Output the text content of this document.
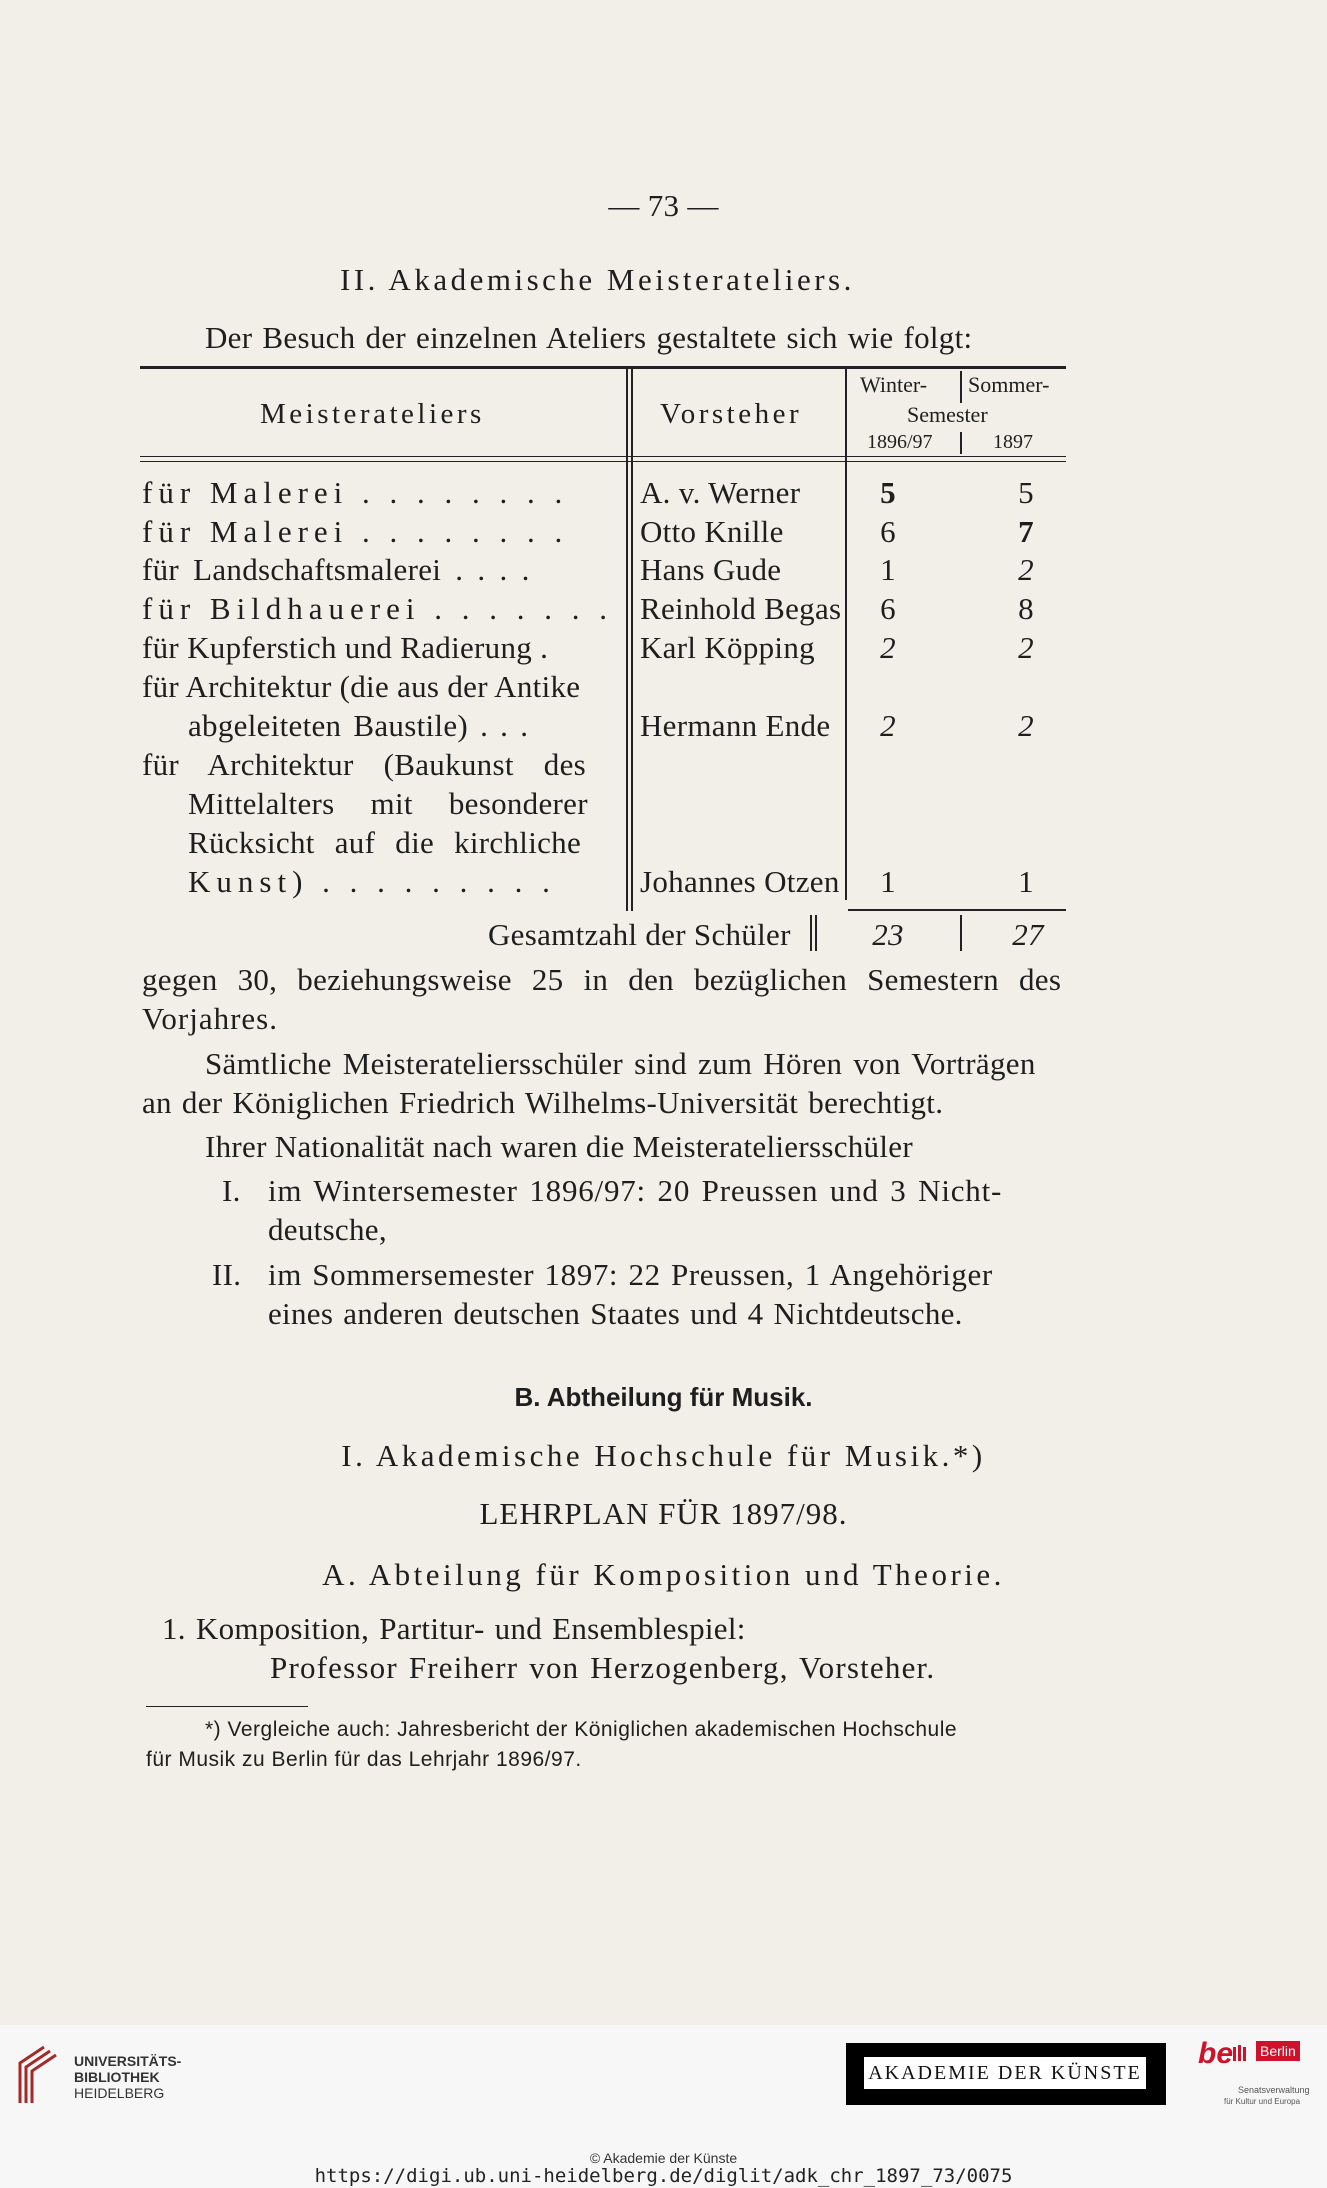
— 73 —
II. Akademische Meisterateliers.
Der Besuch der einzelnen Ateliers gestaltete sich wie folgt:
Meisterateliers	Vorsteher
Winter- Sommer-
Semester
1896/97	1897
für Malerei . . . . . . . . A. v. Werner	5	5
für Malerei . . . . . . . . Otto Knille	6	7
für Landschaftsmalerei . . . .	Hans Gude	1	2
für Bildhauerei . . . . . . . Reinhold Begas	6	8
für Kupferstich und Radierung .	Karl Köpping	2	2
für Architektur (die aus der Antike
abgeleiteten Baustile) . . .	Hermann Ende	2	2
für Architektur (Baukunst des
Mittelalters mit besonderer
Rücksicht auf die kirchliche
Kunst) . . . . . . . . .	Johannes Otzen	1	1
Gesamtzahl der Schüler	23	27
gegen 30, beziehungsweise 25 in den bezüglichen Semestern des
Vorjahres.
Sämtliche Meisterateliersschüler sind zum Hören von Vorträgen
an der Königlichen Friedrich Wilhelms-Universität berechtigt.
Ihrer Nationalität nach waren die Meisterateliersschüler
I. im Wintersemester 1896/97: 20 Preussen und 3 Nicht-
deutsche,
II. im Sommersemester 1897: 22 Preussen, 1 Angehöriger
eines anderen deutschen Staates und 4 Nichtdeutsche.
B. Abtheilung für Musik.
I. Akademische Hochschule für Musik.*)
LEHRPLAN FÜR 1897/98.
A. Abteilung für Komposition und Theorie.
1. Komposition, Partitur- und Ensemblespiel:
Professor Freiherr von Herzogenberg, Vorsteher.
*) Vergleiche auch: Jahresbericht der Königlichen akademischen Hochschule
für Musik zu Berlin für das Lehrjahr 1896/97.
UNIVERSITÄTS-
BIBLIOTHEK
HEIDELBERG
AKADEMIE DER KÜNSTE
be Berlin
Senatsverwaltung
für Kultur und Europa
© Akademie der Künste
https://digi.ub.uni-heidelberg.de/diglit/adk_chr_1897_73/0075
